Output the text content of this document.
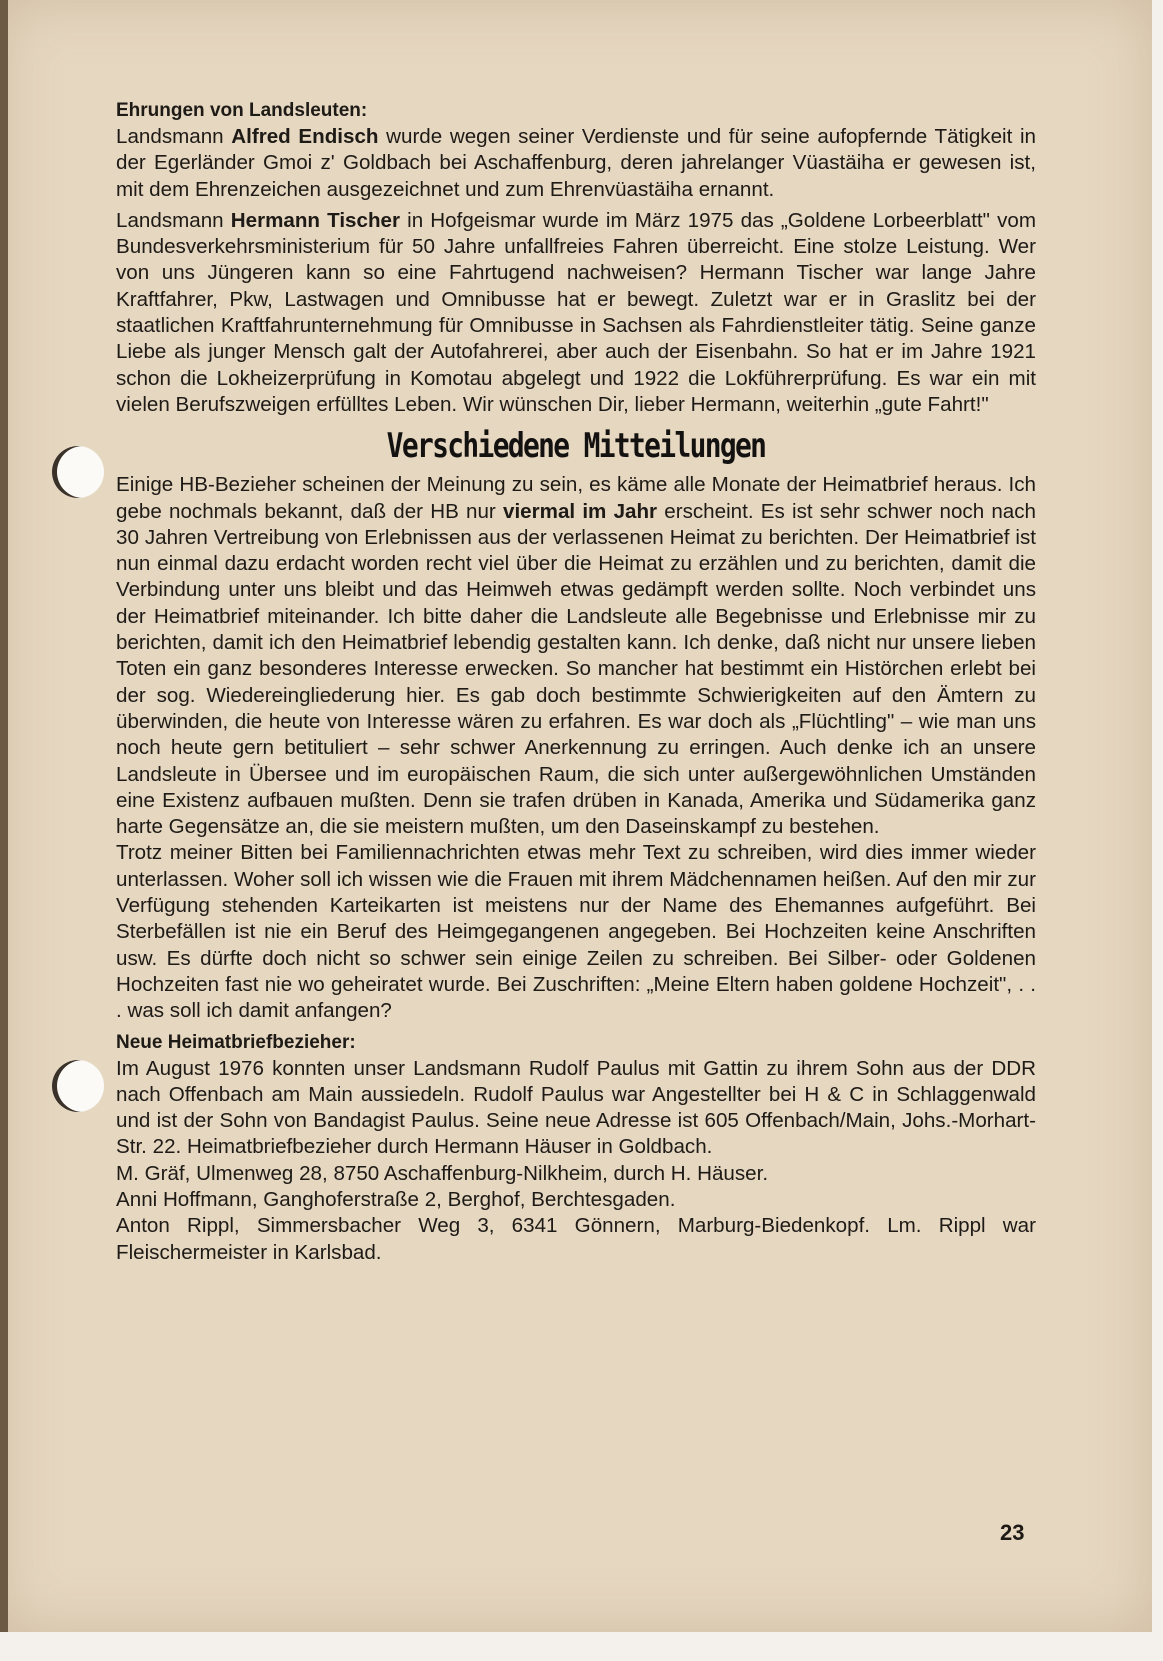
Ehrungen von Landsleuten:

Landsmann Alfred Endisch wurde wegen seiner Verdienste und für seine aufopfernde Tätigkeit in der Egerländer Gmoi z' Goldbach bei Aschaffenburg, deren jahrelanger Vüastäiha er gewesen ist, mit dem Ehrenzeichen ausgezeichnet und zum Ehrenvüastäiha ernannt.

Landsmann Hermann Tischer in Hofgeismar wurde im März 1975 das „Goldene Lorbeerblatt" vom Bundesverkehrsministerium für 50 Jahre unfallfreies Fahren überreicht. Eine stolze Leistung. Wer von uns Jüngeren kann so eine Fahrtugend nachweisen? Hermann Tischer war lange Jahre Kraftfahrer, Pkw, Lastwagen und Omnibusse hat er bewegt. Zuletzt war er in Graslitz bei der staatlichen Kraftfahrunternehmung für Omnibusse in Sachsen als Fahrdienstleiter tätig. Seine ganze Liebe als junger Mensch galt der Autofahrerei, aber auch der Eisenbahn. So hat er im Jahre 1921 schon die Lokheizerprüfung in Komotau abgelegt und 1922 die Lokführerprüfung. Es war ein mit vielen Berufszweigen erfülltes Leben. Wir wünschen Dir, lieber Hermann, weiterhin „gute Fahrt!"

Verschiedene Mitteilungen

Einige HB-Bezieher scheinen der Meinung zu sein, es käme alle Monate der Heimatbrief heraus. Ich gebe nochmals bekannt, daß der HB nur viermal im Jahr erscheint. Es ist sehr schwer noch nach 30 Jahren Vertreibung von Erlebnissen aus der verlassenen Heimat zu berichten. Der Heimatbrief ist nun einmal dazu erdacht worden recht viel über die Heimat zu erzählen und zu berichten, damit die Verbindung unter uns bleibt und das Heimweh etwas gedämpft werden sollte. Noch verbindet uns der Heimatbrief miteinander. Ich bitte daher die Landsleute alle Begebnisse und Erlebnisse mir zu berichten, damit ich den Heimatbrief lebendig gestalten kann. Ich denke, daß nicht nur unsere lieben Toten ein ganz besonderes Interesse erwecken. So mancher hat bestimmt ein Histörchen erlebt bei der sog. Wiedereingliederung hier. Es gab doch bestimmte Schwierigkeiten auf den Ämtern zu überwinden, die heute von Interesse wären zu erfahren. Es war doch als „Flüchtling" – wie man uns noch heute gern betituliert – sehr schwer Anerkennung zu erringen. Auch denke ich an unsere Landsleute in Übersee und im europäischen Raum, die sich unter außergewöhnlichen Umständen eine Existenz aufbauen mußten. Denn sie trafen drüben in Kanada, Amerika und Südamerika ganz harte Gegensätze an, die sie meistern mußten, um den Daseinskampf zu bestehen.

Trotz meiner Bitten bei Familiennachrichten etwas mehr Text zu schreiben, wird dies immer wieder unterlassen. Woher soll ich wissen wie die Frauen mit ihrem Mädchennamen heißen. Auf den mir zur Verfügung stehenden Karteikarten ist meistens nur der Name des Ehemannes aufgeführt. Bei Sterbefällen ist nie ein Beruf des Heimgegangenen angegeben. Bei Hochzeiten keine Anschriften usw. Es dürfte doch nicht so schwer sein einige Zeilen zu schreiben. Bei Silber- oder Goldenen Hochzeiten fast nie wo geheiratet wurde. Bei Zuschriften: „Meine Eltern haben goldene Hochzeit", . . . was soll ich damit anfangen?

Neue Heimatbriefbezieher:

Im August 1976 konnten unser Landsmann Rudolf Paulus mit Gattin zu ihrem Sohn aus der DDR nach Offenbach am Main aussiedeln. Rudolf Paulus war Angestellter bei H & C in Schlaggenwald und ist der Sohn von Bandagist Paulus. Seine neue Adresse ist 605 Offenbach/Main, Johs.-Morhart-Str. 22. Heimatbriefbezieher durch Hermann Häuser in Goldbach.

M. Gräf, Ulmenweg 28, 8750 Aschaffenburg-Nilkheim, durch H. Häuser.

Anni Hoffmann, Ganghoferstraße 2, Berghof, Berchtesgaden.

Anton Rippl, Simmersbacher Weg 3, 6341 Gönnern, Marburg-Biedenkopf. Lm. Rippl war Fleischermeister in Karlsbad.

23
